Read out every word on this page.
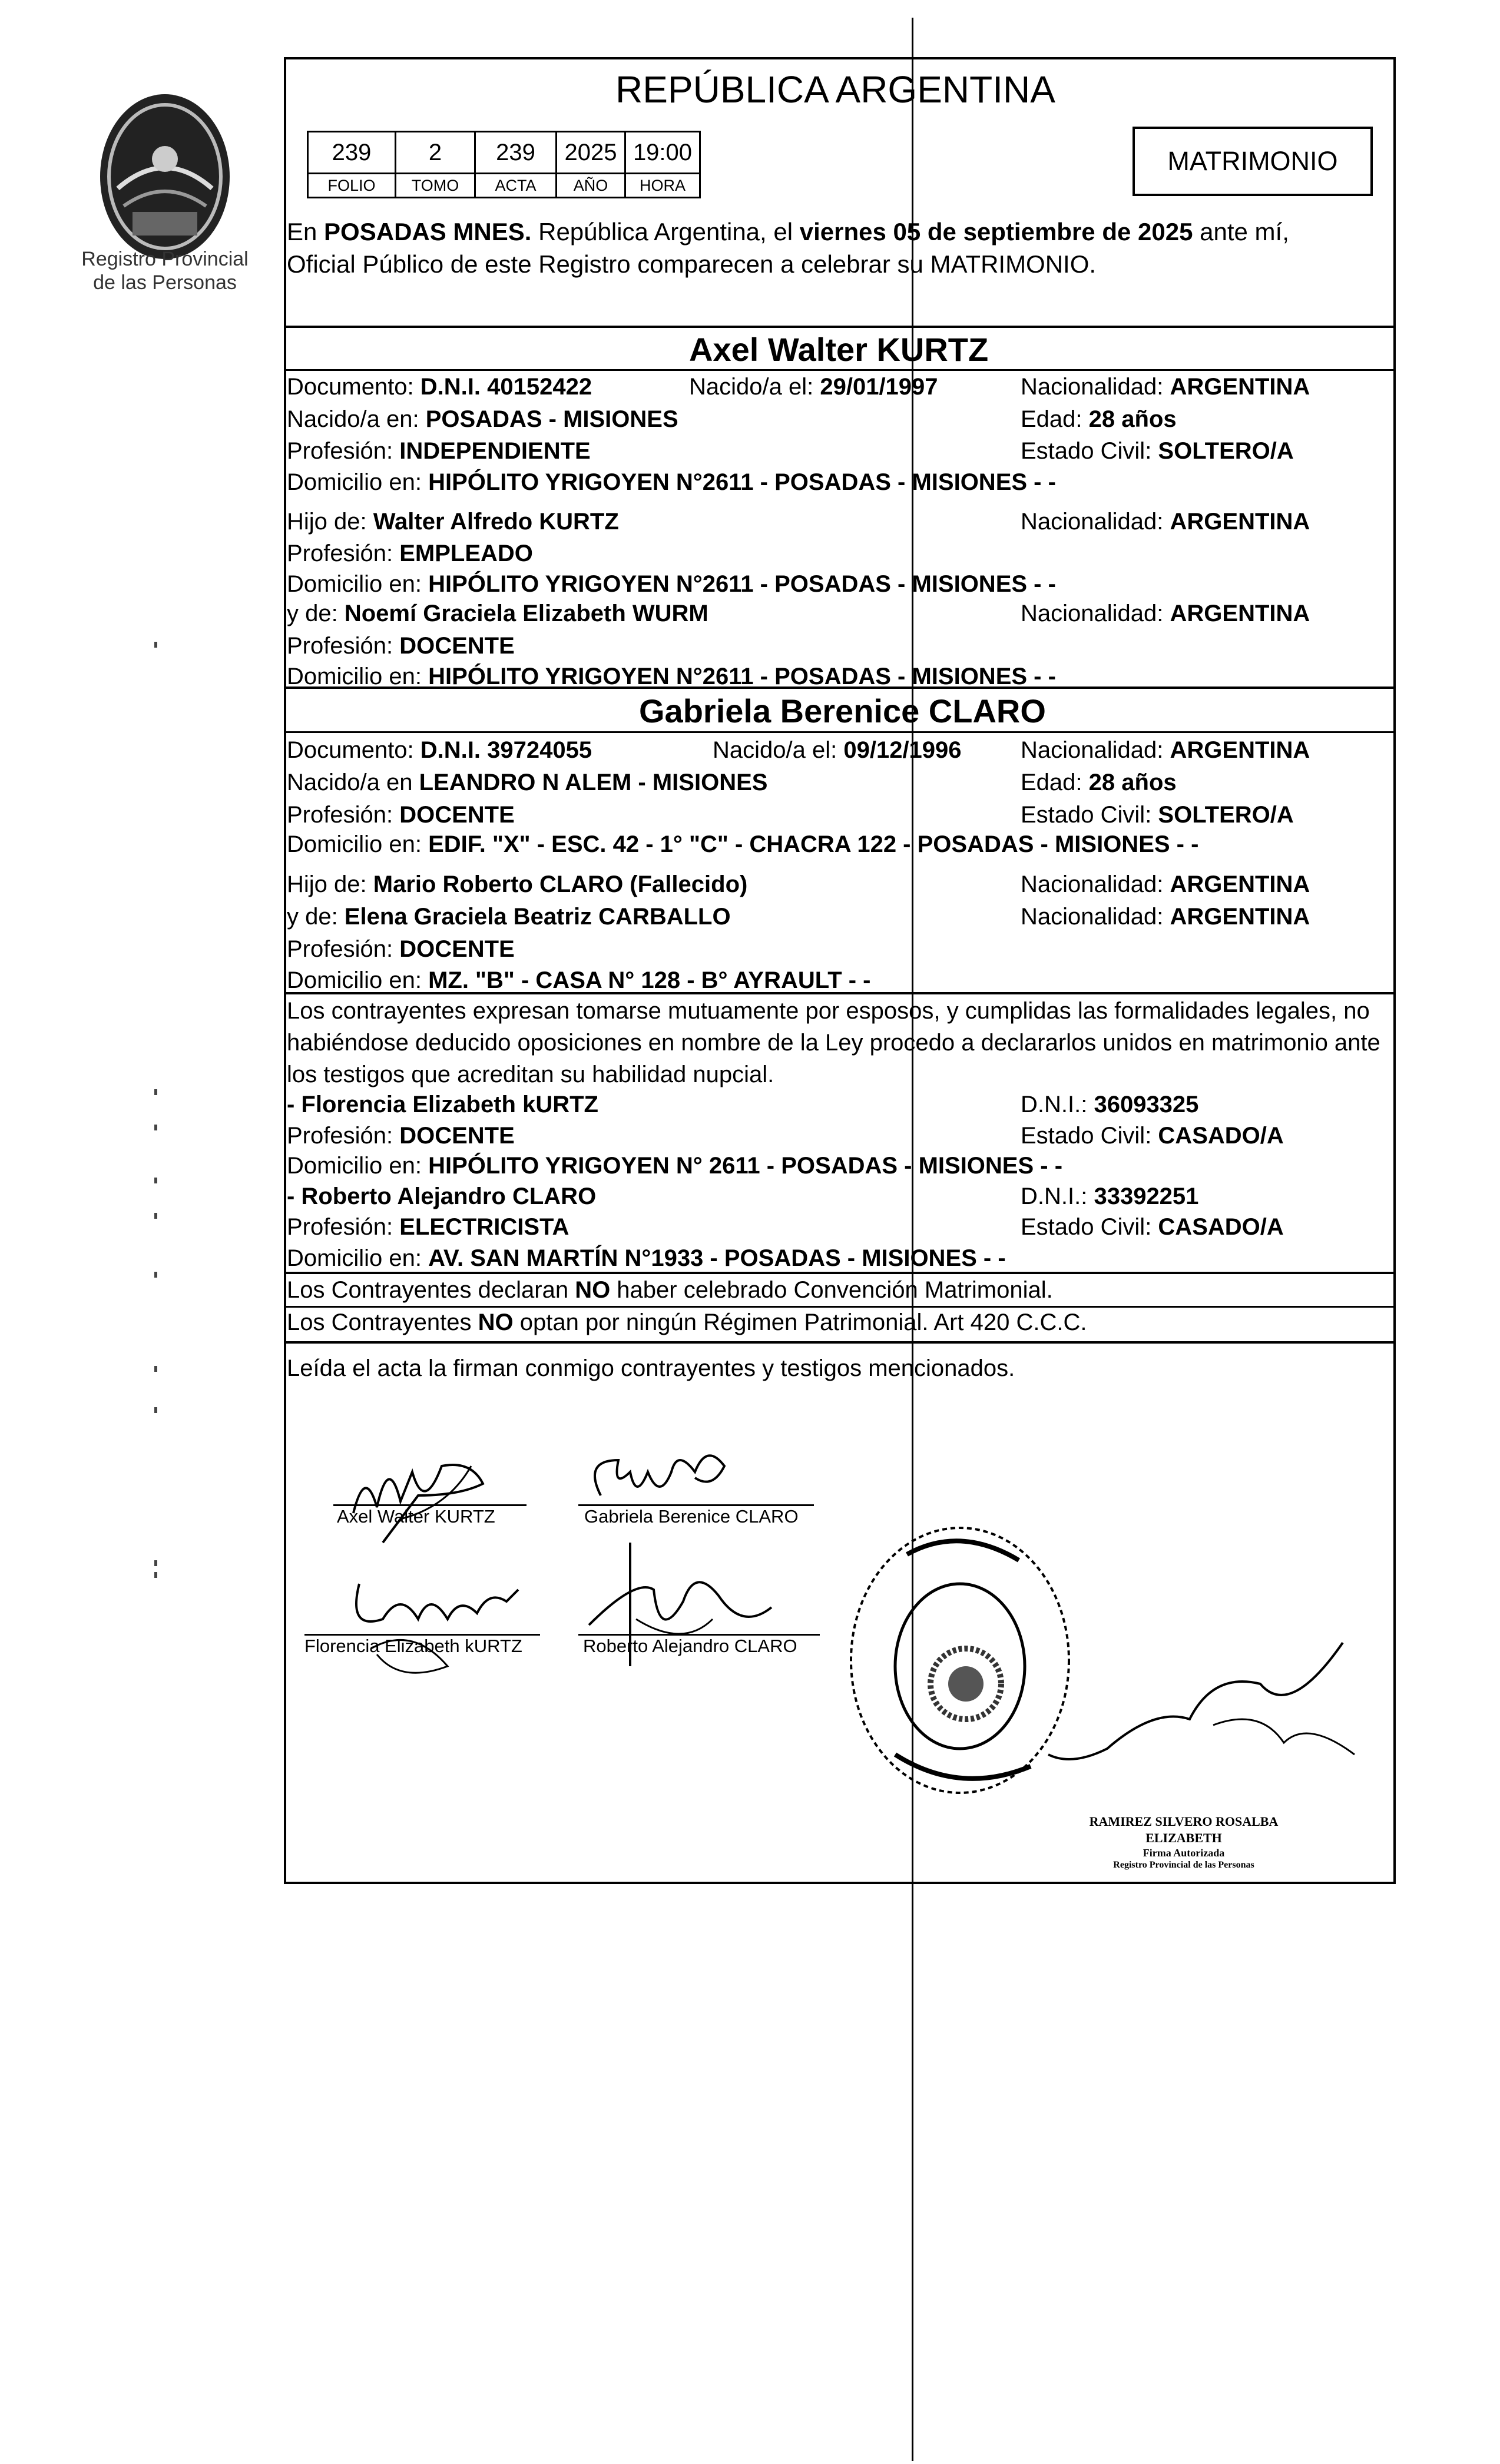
Registro Provincial
de las Personas
REPÚBLICA ARGENTINA
239	2	239	2025	19:00
FOLIO	TOMO	ACTA	AÑO	HORA
MATRIMONIO
En POSADAS MNES. República Argentina, el viernes 05 de septiembre de 2025 ante mí,
Oficial Público de este Registro comparecen a celebrar su MATRIMONIO.
Axel Walter KURTZ
Documento: D.N.I. 40152422	Nacido/a el: 29/01/1997	Nacionalidad: ARGENTINA
Nacido/a en: POSADAS - MISIONES	Edad: 28 años
Profesión: INDEPENDIENTE	Estado Civil: SOLTERO/A
Domicilio en: HIPÓLITO YRIGOYEN N°2611 - POSADAS - MISIONES - -
Hijo de: Walter Alfredo KURTZ	Nacionalidad: ARGENTINA
Profesión: EMPLEADO
Domicilio en: HIPÓLITO YRIGOYEN N°2611 - POSADAS - MISIONES - -
y de: Noemí Graciela Elizabeth WURM	Nacionalidad: ARGENTINA
Profesión: DOCENTE
Domicilio en: HIPÓLITO YRIGOYEN N°2611 - POSADAS - MISIONES - -
Gabriela Berenice CLARO
Documento: D.N.I. 39724055	Nacido/a el: 09/12/1996	Nacionalidad: ARGENTINA
Nacido/a en LEANDRO N ALEM - MISIONES	Edad: 28 años
Profesión: DOCENTE	Estado Civil: SOLTERO/A
Domicilio en: EDIF. "X" - ESC. 42 - 1° "C" - CHACRA 122 - POSADAS - MISIONES - -
Hijo de: Mario Roberto CLARO (Fallecido)	Nacionalidad: ARGENTINA
y de: Elena Graciela Beatriz CARBALLO	Nacionalidad: ARGENTINA
Profesión: DOCENTE
Domicilio en: MZ. "B" - CASA N° 128 - B° AYRAULT - -
Los contrayentes expresan tomarse mutuamente por esposos, y cumplidas las formalidades legales, no
habiéndose deducido oposiciones en nombre de la Ley procedo a declararlos unidos en matrimonio ante
los testigos que acreditan su habilidad nupcial.
- Florencia Elizabeth kURTZ	D.N.I.: 36093325
Profesión: DOCENTE	Estado Civil: CASADO/A
Domicilio en: HIPÓLITO YRIGOYEN N° 2611 - POSADAS - MISIONES - -
- Roberto Alejandro CLARO	D.N.I.: 33392251
Profesión: ELECTRICISTA	Estado Civil: CASADO/A
Domicilio en: AV. SAN MARTÍN N°1933 - POSADAS - MISIONES - -
Los Contrayentes declaran NO haber celebrado Convención Matrimonial.
Los Contrayentes NO optan por ningún Régimen Patrimonial. Art 420 C.C.C.
Leída el acta la firman conmigo contrayentes y testigos mencionados.
Axel Walter KURTZ	Gabriela Berenice CLARO
Florencia Elizabeth kURTZ	Roberto Alejandro CLARO
RAMIREZ SILVERO ROSALBA ELIZABETH
Firma Autorizada
Registro Provincial de las Personas
